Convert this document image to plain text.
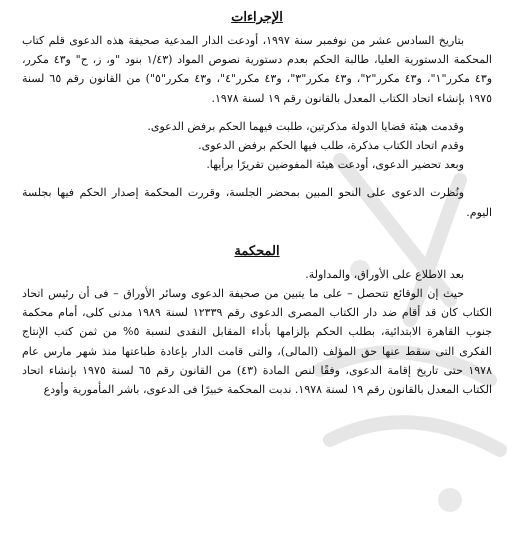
الإجراءات

بتاريخ السادس عشر من نوفمبر سنة ١٩٩٧، أودعت الدار المدعية صحيفة هذه الدعوى قلم كتاب المحكمة الدستورية العليا، طالبة الحكم بعدم دستورية نصوص المواد (١/٤٣ بنود "و، ز، ح" و٤٣ مكرر، و٤٣ مكرر"١"، و٤٣ مكرر"٢"، و٤٣ مكرر"٣"، و٤٣ مكرر"٤"، و٤٣ مكرر"٥") من القانون رقم ٦٥ لسنة ١٩٧٥ بإنشاء اتحاد الكتاب المعدل بالقانون رقم ١٩ لسنة ١٩٧٨.

وقدمت هيئة قضايا الدولة مذكرتين، طلبت فيهما الحكم برفض الدعوى.

وقدم اتحاد الكتاب مذكرة، طلب فيها الحكم برفض الدعوى.

وبعد تحضير الدعوى، أودعت هيئة المفوضين تقريرًا برأيها.

ونُظرت الدعوى على النحو المبين بمحضر الجلسة، وقررت المحكمة إصدار الحكم فيها بجلسة اليوم.

المحكمة

بعد الاطلاع على الأوراق، والمداولة.

حيث إن الوقائع تتحصل – على ما يتبين من صحيفة الدعوى وسائر الأوراق – فى أن رئيس اتحاد الكتاب كان قد أقام ضد دار الكتاب المصرى الدعوى رقم ١٢٣٣٩ لسنة ١٩٨٩ مدنى كلى، أمام محكمة جنوب القاهرة الابتدائية، بطلب الحكم بإلزامها بأداء المقابل النقدى لنسبة ٥% من ثمن كتب الإنتاج الفكرى التى سقط عنها حق المؤلف (المالى)، والتى قامت الدار بإعادة طباعتها منذ شهر مارس عام ١٩٧٨ حتى تاريخ إقامة الدعوى، وفقًا لنص المادة (٤٣) من القانون رقم ٦٥ لسنة ١٩٧٥ بإنشاء اتحاد الكتاب المعدل بالقانون رقم ١٩ لسنة ١٩٧٨. ندبت المحكمة خبيرًا فى الدعوى، باشر المأمورية وأودع
